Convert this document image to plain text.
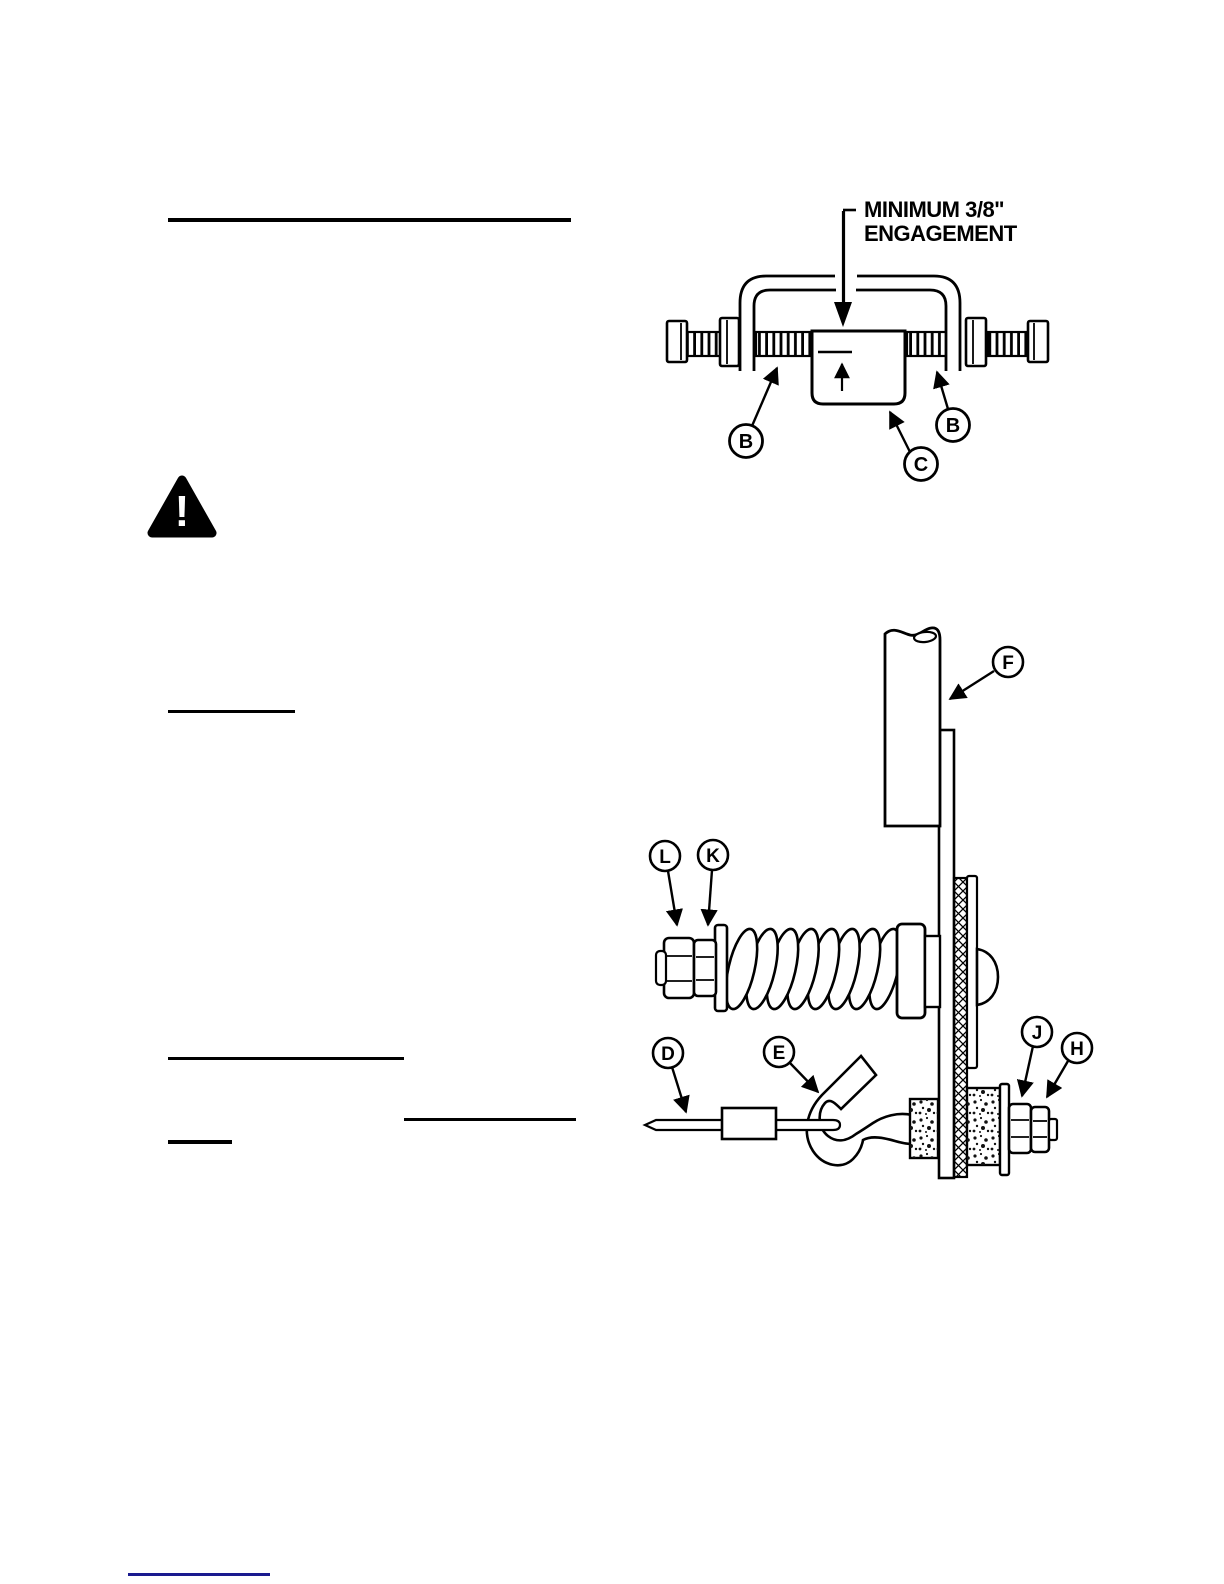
!
MINIMUM 3/8"
ENGAGEMENT
B
B
C
F
L K
D	E
J
H
